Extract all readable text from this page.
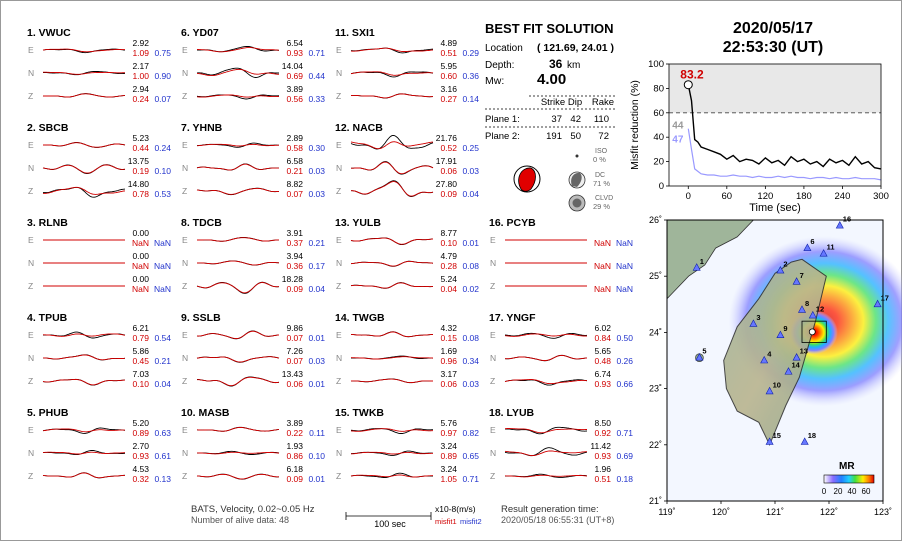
1. VWUC
E
2.92
1.09 0.75
N
2.17
1.00 0.90
Z
2.94
0.24 0.07
2. SBCB
E
5.23
0.44 0.24
N
13.75
0.19 0.10
Z
14.80
0.78 0.53
3. RLNB
E
0.00
NaN NaN
N
0.00
NaN NaN
Z
0.00
NaN NaN
4. TPUB
E
6.21
0.79 0.54
N
5.86
0.45 0.21
Z
7.03
0.10 0.04
5. PHUB
E
5.20
0.89 0.63
N
2.70
0.93 0.61
Z
4.53
0.32 0.13
6. YD07
E
6.54
0.93 0.71
N
14.04
0.69 0.44
Z
3.89
0.56 0.33
7. YHNB
E
2.89
0.58 0.30
N
6.58
0.21 0.03
Z
8.82
0.07 0.03
8. TDCB
E
3.91
0.37 0.21
N
3.94
0.36 0.17
Z
18.28
0.09 0.04
9. SSLB
E
9.86
0.07 0.01
N
7.26
0.07 0.03
Z
13.43
0.06 0.01
10. MASB
E
3.89
0.22 0.11
N
1.93
0.86 0.10
Z
6.18
0.09 0.01
11. SXI1
E
4.89
0.51 0.29
N
5.95
0.60 0.36
Z
3.16
0.27 0.14
12. NACB
E
21.76
0.52 0.25
N
17.91
0.06 0.03
Z
27.80
0.09 0.04
13. YULB
E
8.77
0.10 0.01
N
4.79
0.28 0.08
Z
5.24
0.04 0.02
14. TWGB
E
4.32
0.15 0.08
N
1.69
0.96 0.34
Z
3.17
0.06 0.03
15. TWKB
E
5.76
0.97 0.82
N
3.24
0.89 0.65
Z
3.24
1.05 0.71
16. PCYB
E	NaN NaN
N	NaN NaN
Z	NaN NaN
17. YNGF
E
6.02
0.84 0.50
N
5.65
0.48 0.26
Z
6.74
0.93 0.66
18. LYUB
E
8.50
0.92 0.71
N
11.42
0.93 0.69
Z
1.96
0.51 0.18
BEST FIT SOLUTION
Location ( 121.69, 24.01 )
Depth:	36 km
Mw: 4.00
Strike Dip Rake
Plane 1:	37 42 110
Plane 2:	191 50 72
ISO
0 %
DC
71 %
CLVD
29 %
2020/05/17
22:53:30 (UT)
83.2
44
47
0	60	120 180 240 300
0
20
40
60
80
100
Time (sec)
Misfit reduction (%)
1	2
3
4
5
6
7
8
9
10
11
12
13
14
15
16
17
18
119˚	120˚	121˚	122˚	123˚
21˚
22˚
23˚
24˚
25˚
26˚
MR
0 20 40 60
BATS, Velocity, 0.02~0.05 Hz
Number of alive data: 48	100 sec
x10-8(m/s)
misfit1 misfit2
Result generation time:
2020/05/18 06:55:31 (UT+8)
